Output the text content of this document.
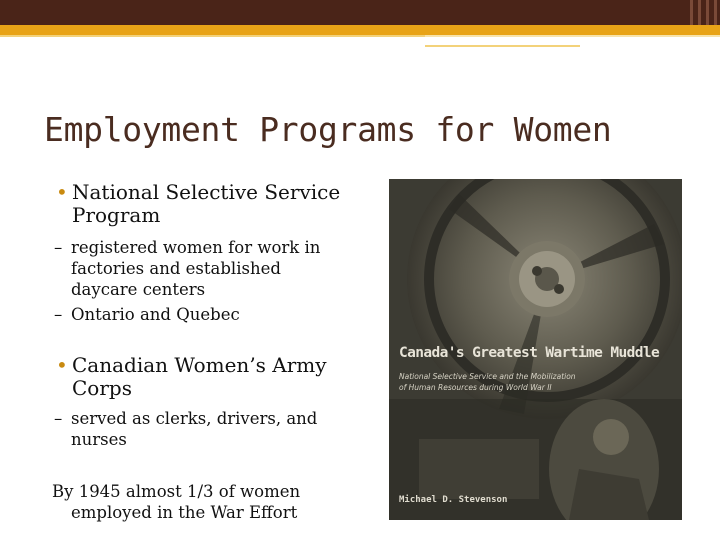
Employment Programs for Women
• National Selective Service Program
– registered women for work in factories and established daycare centers
– Ontario and Quebec
• Canadian Women’s Army Corps
– served as clerks, drivers, and nurses
By 1945 almost 1/3 of women
employed in the War Effort
Canada's Greatest Wartime Muddle
National Selective Service and the Mobilization
of Human Resources during World War II
Michael D. Stevenson
